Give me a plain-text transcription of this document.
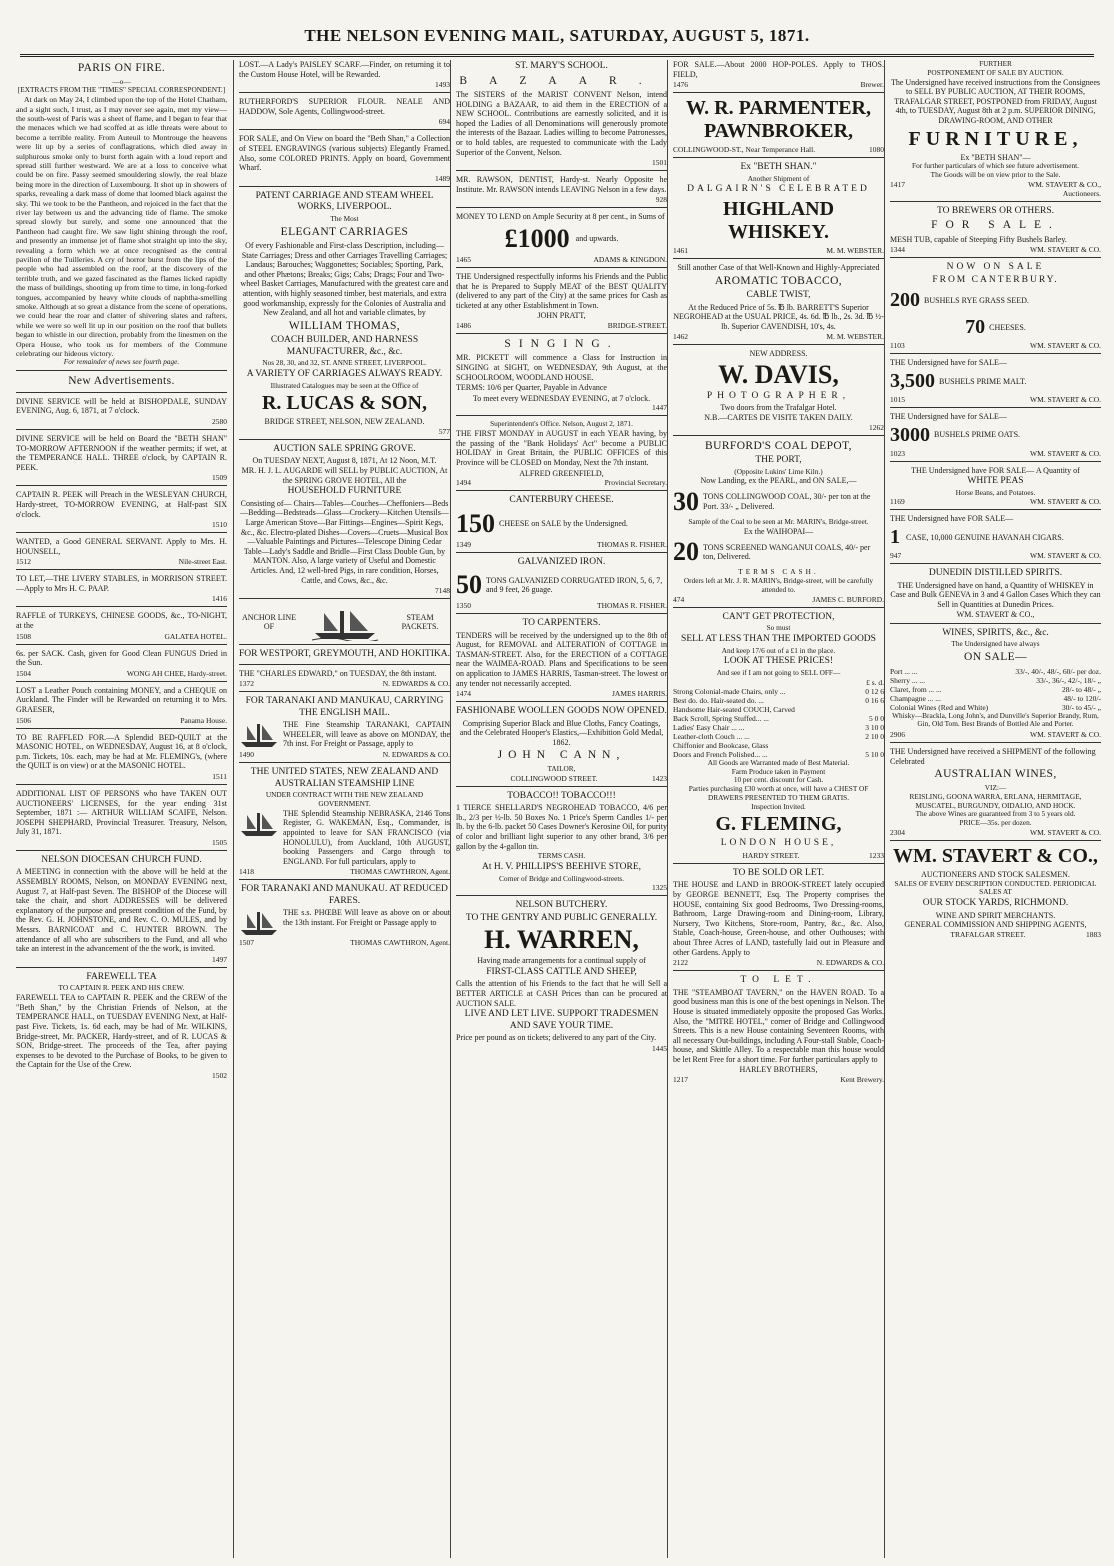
THE NELSON EVENING MAIL, SATURDAY, AUGUST 5, 1871.
PARIS ON FIRE.
—o—
[EXTRACTS FROM THE "TIMES" SPECIAL CORRESPONDENT.]

At dark on May 24, I climbed upon the top of the Hotel Chatham, and a sight such, I trust, as I may never see again, met my view—the south-west of Paris was a sheet of flame, and I began to fear that the menaces which we had scoffed at as idle threats were about to become a terrible reality. From Auteuil to Montrouge the heavens were lit up by a series of conflagrations, which died away in sulphurous smoke only to burst forth again with a loud report and spread still further westward. We are at a loss to conceive what could be on fire. Passy seemed smouldering slowly, the real blaze being more in the direction of Luxembourg. It shot up in showers of sparks, revealing a dark mass of dome that loomed black against the sky. Thi we took to be the Pantheon, and rejoiced in the fact that the river lay between us and the advancing tide of flame. The smoke spread slowly but surely, and some one announced that the Pantheon had caught fire. We saw light shining through the roof, and presently an immense jet of flame shot straight up into the sky, revealing a form which we at once recognised as the central pavilion of the Tuilleries. A cry of horror burst from the lips of the people who had assembled on the roof, at the discovery of the terrible truth, and we gazed fascinated as the flames licked rapidly the mass of buildings, shooting up from time to time, in long-forked tongues, accompanied by heavy white clouds of naphtha-smelling smoke. Although at so great a distance from the scene of operations, we could hear the roar and clatter of shivering slates and rafters, while we were so well lit up in our position on the roof that bullets began to whistle in our direction, probably from the linesmen on the Opera House, who took us for members of the Commune celebrating our hideous victory.

For remainder of news see fourth page.
New Advertisements.

DIVINE SERVICE will be held at BISHOPDALE, SUNDAY EVENING, Aug. 6, 1871, at 7 o'clock.

2580

DIVINE SERVICE will be held on Board the "BETH SHAN" TO-MORROW AFTERNOON if the weather permits; if wet, at the TEMPERANCE HALL. THREE o'clock, by CAPTAIN R. PEEK.

1509

CAPTAIN R. PEEK will Preach in the WESLEYAN CHURCH, Hardy-street, TO-MORROW EVENING, at Half-past SIX o'clock.

1510

WANTED, a Good GENERAL SERVANT. Apply to Mrs. H. HOUNSELL,

1512	Nile-street East.

TO LET,—THE LIVERY STABLES, in MORRISON STREET.—Apply to Mrs H. C. PAAP.

1416

RAFFLE of TURKEYS, CHINESE GOODS, &c., TO-NIGHT, at the

1508	GALATEA HOTEL.

6s. per SACK. Cash, given for Good Clean FUNGUS Dried in the Sun.

1504	WONG AH CHEE, Hardy-street.

LOST a Leather Pouch containing MONEY, and a CHEQUE on Auckland. The Finder will be Rewarded on returning it to Mrs. GRAESER,

1506	Panama House.

TO BE RAFFLED FOR.—A Splendid BED-QUILT at the MASONIC HOTEL, on WEDNESDAY, August 16, at 8 o'clock, p.m. Tickets, 10s. each, may be had at Mr. FLEMING's, (where the QUILT is on view) or at the MASONIC HOTEL.

1511

ADDITIONAL LIST OF PERSONS who have TAKEN OUT AUCTIONEERS' LICENSES, for the year ending 31st September, 1871 :— ARTHUR WILLIAM SCAIFE, Nelson. JOSEPH SHEPHARD, Provincial Treasurer. Treasury, Nelson, July 31, 1871.

1505
NELSON DIOCESAN CHURCH FUND.

A MEETING in connection with the above will be held at the ASSEMBLY ROOMS, Nelson, on MONDAY EVENING next, August 7, at Half-past Seven. The BISHOP of the Diocese will take the chair, and short ADDRESSES will be delivered explanatory of the purpose and present condition of the Fund, by the Rev. G. H. JOHNSTONE, and Rev. C. O. MULES, and by Messrs. BARNICOAT and C. HUNTER BROWN. The attendance of all who are subscribers to the Fund, and all who take an interest in the advancement of the the work, is invited.

1497
FAREWELL TEA
TO CAPTAIN R. PEEK AND HIS CREW.

FAREWELL TEA to CAPTAIN R. PEEK and the CREW of the "Beth Shan," by the Christian Friends of Nelson, at the TEMPERANCE HALL, on TUESDAY EVENING Next, at Half-past Five. Tickets, 1s. 6d each, may be had of Mr. WILKINS, Bridge-street, Mr. PACKER, Hardy-street, and of R. LUCAS & SON, Bridge-street. The proceeds of the Tea, after paying expenses to be devoted to the Purchase of Books, to be given to the Captain for the Use of the Crew.

1502

LOST.—A Lady's PAISLEY SCARF.—Finder, on returning it to the Custom House Hotel, will be Rewarded.

1493

RUTHERFORD'S SUPERIOR FLOUR. NEALE AND HADDOW, Sole Agents, Collingwood-street.

694

FOR SALE, and On View on board the "Beth Shan," a Collection of STEEL ENGRAVINGS (various subjects) Elegantly Framed. Also, some COLORED PRINTS. Apply on board, Government Wharf.

1489
PATENT CARRIAGE AND STEAM WHEEL WORKS, LIVERPOOL.
The Most
ELEGANT CARRIAGES

Of every Fashionable and First-class Description, including— State Carriages; Dress and other Carriages Travelling Carriages; Landaus; Barouches; Waggonettes; Sociables; Sporting, Park, and other Phætons; Breaks; Gigs; Cabs; Drags; Four and Two-wheel Basket Carriages, Manufactured with the greatest care and attention, with highly seasoned timber, best materials, and extra good workmanship, expressly for the Colonies of Australia and New Zealand, and all hot and variable climates, by

WILLIAM THOMAS,
COACH BUILDER, AND HARNESS MANUFACTURER, &c., &c.
Nos 28, 30, and 32, ST. ANNE STREET, LIVERPOOL.
A VARIETY OF CARRIAGES ALWAYS READY.
Illustrated Catalogues may be seen at the Office of
R. LUCAS & SON,
BRIDGE STREET, NELSON, NEW ZEALAND.
577
AUCTION SALE SPRING GROVE.
On TUESDAY NEXT, August 8, 1871, At 12 Noon, M.T.

MR. H. J. L. AUGARDE will SELL by PUBLIC AUCTION, At the SPRING GROVE HOTEL, All the

HOUSEHOLD FURNITURE

Consisting of— Chairs—Tables—Couches—Cheffoniers—Beds—Bedding—Bedsteads—Glass—Crockery—Kitchen Utensils—Large American Stove—Bar Fittings—Engines—Spirit Kegs, &c., &c. Electro-plated Dishes—Covers—Cruets—Musical Box—Valuable Paintings and Pictures—Telescope Dining Cedar Table—Lady's Saddle and Bridle—First Class Double Gun, by MANTON. Also, A large variety of Useful and Domestic Articles. And, 12 well-bred Pigs, in rare condition, Horses, Cattle, and Cows, &c., &c.

7148
ANCHOR LINE OF
STEAM PACKETS.
FOR WESTPORT, GREYMOUTH, AND HOKITIKA.

THE "CHARLES EDWARD," on TUESDAY, the 8th instant.

1372	N. EDWARDS & CO.
FOR TARANAKI AND MANUKAU, CARRYING THE ENGLISH MAIL.

THE Fine Steamship TARANAKI, CAPTAIN WHEELER, will leave as above on MONDAY, the 7th inst. For Freight or Passage, apply to

1490	N. EDWARDS & CO.
THE UNITED STATES, NEW ZEALAND AND AUSTRALIAN STEAMSHIP LINE
UNDER CONTRACT WITH THE NEW ZEALAND GOVERNMENT.

THE Splendid Steamship NEBRASKA, 2146 Tons Register, G. WAKEMAN, Esq., Commander, is appointed to leave for SAN FRANCISCO (via HONOLULU), from Auckland, 10th AUGUST, booking Passengers and Cargo through to ENGLAND. For full particulars, apply to

1418	THOMAS CAWTHRON, Agent.
FOR TARANAKI AND MANUKAU. AT REDUCED FARES.

THE s.s. PHŒBE Will leave as above on or about the 13th instant. For Freight or Passage apply to

1507	THOMAS CAWTHRON, Agent.
ST. MARY'S SCHOOL.
BAZAAR.

The SISTERS of the MARIST CONVENT Nelson, intend HOLDING a BAZAAR, to aid them in the ERECTION of a NEW SCHOOL. Contributions are earnestly solicited, and it is hoped the Ladies of all Denominations will generously promote the interests of the Bazaar. Ladies willing to become Patronesses, or to hold tables, are requested to communicate with the Lady Superior of the Convent, Nelson.

1501

MR. RAWSON, DENTIST, Hardy-st. Nearly Opposite he Institute. Mr. RAWSON intends LEAVING Nelson in a few days.

928

MONEY TO LEND on Ample Security at 8 per cent., in Sums of

£1000 and upwards.
1465	ADAMS & KINGDON.

THE Undersigned respectfully informs his Friends and the Public that he is Prepared to Supply MEAT of the BEST QUALITY (delivered to any part of the City) at the same prices for Cash as ticketed at any other Establishment in Town.

JOHN PRATT,
1486	BRIDGE-STREET.
SINGING.

MR. PICKETT will commence a Class for Instruction in SINGING at SIGHT, on WEDNESDAY, 9th August, at the SCHOOLROOM, WOODLAND HOUSE.

TERMS: 10/6 per Quarter, Payable in Advance

To meet every WEDNESDAY EVENING, at 7 o'clock.
1447
Superintendent's Office. Nelson, August 2, 1871.

THE FIRST MONDAY in AUGUST in each YEAR having, by the passing of the "Bank Holidays' Act" become a PUBLIC HOLIDAY in Great Britain, the PUBLIC OFFICES of this Province will be CLOSED on Monday, Next the 7th instant.

ALFRED GREENFIELD,
1494	Provincial Secretary.
CANTERBURY CHEESE.
150 CHEESE on SALE by the Undersigned.
1349	THOMAS R. FISHER.
GALVANIZED IRON.
50 TONS GALVANIZED CORRUGATED IRON, 5, 6, 7, and 9 feet, 26 guage.
1350	THOMAS R. FISHER.
TO CARPENTERS.

TENDERS will be received by the undersigned up to the 8th of August, for REMOVAL and ALTERATION of COTTAGE in TASMAN-STREET. Also, for the ERECTION of a COTTAGE near the WAIMEA-ROAD. Plans and Specifications to be seen on application to JAMES HARRIS, Tasman-street. The lowest or any tender not necessarily accepted.

1474	JAMES HARRIS.
FASHIONABE WOOLLEN GOODS NOW OPENED.

Comprising Superior Black and Blue Cloths, Fancy Coatings, and the Celebrated Hooper's Elastics,—Exhibition Gold Medal, 1862.

JOHN CANN,
TAILOR,
COLLINGWOOD STREET.	1423
TOBACCO!! TOBACCO!!!

1 TIERCE SHELLARD'S NEGROHEAD TOBACCO, 4/6 per lb., 2/3 per ½-lb. 50 Boxes No. 1 Price's Sperm Candles 1/- per lb. by the 6-lb. packet 50 Cases Downer's Kerosine Oil, for purity of color and brilliant light superior to any other brand, 3/6 per gallon by the 4-gallon tin.

TERMS CASH.
At H. V. PHILLIPS'S BEEHIVE STORE,
Corner of Bridge and Collingwood-streets.
1325
NELSON BUTCHERY.
TO THE GENTRY AND PUBLIC GENERALLY.
H. WARREN,
Having made arrangements for a continual supply of
FIRST-CLASS CATTLE AND SHEEP,

Calls the attention of his Friends to the fact that he will Sell a BETTER ARTICLE at CASH Prices than can be procured at AUCTION SALE.

LIVE AND LET LIVE. SUPPORT TRADESMEN AND SAVE YOUR TIME.

Price per pound as on tickets; delivered to any part of the City.

1445

FOR SALE.—About 2000 HOP-POLES. Apply to THOS. FIELD,

1476	Brewer.
W. R. PARMENTER, PAWNBROKER,
COLLINGWOOD-ST., Near Temperance Hall.	1080
Ex "BETH SHAN."
Another Shipment of
DALGAIRN'S CELEBRATED
HIGHLAND WHISKEY.
1461	M. M. WEBSTER.
Still another Case of that Well-Known and Highly-Appreciated
AROMATIC TOBACCO,
CABLE TWIST,

At the Reduced Price of 5s. ℔ lb. BARRETT'S Superior NEGROHEAD at the USUAL PRICE, 4s. 6d. ℔ lb., 2s. 3d. ℔ ½-lb. Superior CAVENDISH, 10's, 4s.

1462	M. M. WEBSTER.
NEW ADDRESS.
W. DAVIS,
PHOTOGRAPHER,
Two doors from the Trafalgar Hotel.
N.B.—CARTES DE VISITE TAKEN DAILY.
1262
BURFORD'S COAL DEPOT,
THE PORT,
(Opposite Lukins' Lime Kiln.)
Now Landing, ex the PEARL, and ON SALE,—
30 TONS COLLINGWOOD COAL, 30/- per ton at the Port. 33/- „ Delivered.
Sample of the Coal to be seen at Mr. MARIN's, Bridge-street.
Ex the WAIHOPAI—
20 TONS SCREENED WANGANUI COALS, 40/- per ton, Delivered.
TERMS CASH.
Orders left at Mr. J. R. MARIN's, Bridge-street, will be carefully attended to.
474	JAMES C. BURFORD.
CAN'T GET PROTECTION,
So must
SELL AT LESS THAN THE IMPORTED GOODS
And keep 17/6 out of a £1 in the place.
LOOK AT THESE PRICES!
And see if I am not going to SELL OFF—
£ s. d.
Strong Colonial-made Chairs, only ...	0 12 6
Best do. do. Hair-seated do. ...	0 16 6
Handsome Hair-seated COUCH, Carved
Back Scroll, Spring Stuffed... ...	5 0 0
Ladies' Easy Chair ... ...	3 10 0
Leather-cloth Couch ... ...	2 10 0
Chiffonier and Bookcase, Glass
Doors and French Polished... ...	5 10 0
All Goods are Warranted made of Best Material.
Farm Produce taken in Payment
10 per cent. discount for Cash.
Parties purchasing £30 worth at once, will have a CHEST OF DRAWERS PRESENTED TO THEM GRATIS.
Inspection Invited.
G. FLEMING,
LONDON HOUSE,
HARDY STREET.	1233
TO BE SOLD OR LET.

THE HOUSE and LAND in BROOK-STREET lately occupied by GEORGE BENNETT, Esq. The Property comprises the HOUSE, containing Six good Bedrooms, Two Dressing-rooms, Bathroom, Large Drawing-room and Dining-room, Library, Nursery, Two Kitchens, Store-room, Pantry, &c., &c. Also, Stable, Coach-house, Green-house, and other Outhouses; with about Three Acres of LAND, tastefully laid out in Pleasure and other Gardens. Apply to

2122	N. EDWARDS & CO.
TO LET.

THE "STEAMBOAT TAVERN," on the HAVEN ROAD. To a good business man this is one of the best openings in Nelson. The House is situated immediately opposite the proposed Gas Works. Also, the "MITRE HOTEL," corner of Bridge and Collingwood Streets. This is a new House containing Seventeen Rooms, with all necessary Out-buildings, including A Four-stall Stable, Coach-house, and Skittle Alley. To a respectable man this house would be let Rent Free for a short time. For further particulars apply to

HARLEY BROTHERS,
1217	Kent Brewery.
FURTHER
POSTPONEMENT OF SALE BY AUCTION.

The Undersigned have received instructions from the Consignees to SELL BY PUBLIC AUCTION, AT THEIR ROOMS, TRAFALGAR STREET, POSTPONED from FRIDAY, August 4th, to TUESDAY, August 8th at 2 p.m. SUPERIOR DINING, DRAWING-ROOM, AND OTHER

FURNITURE,
Ex "BETH SHAN"—
For further particulars of which see future advertisement.
The Goods will be on view prior to the Sale.
1417	WM. STAVERT & CO.,
Auctioneers.
TO BREWERS OR OTHERS.
FOR SALE.

MESH TUB, capable of Steeping Fifty Bushels Barley.

1344	WM. STAVERT & CO.
NOW ON SALE
FROM CANTERBURY.
200 BUSHELS RYE GRASS SEED.
70 CHEESES.
1103	WM. STAVERT & CO.
THE Undersigned have for SALE—
3,500 BUSHELS PRIME MALT.
1015	WM. STAVERT & CO.
THE Undersigned have for SALE—
3000 BUSHELS PRIME OATS.
1023	WM. STAVERT & CO.
THE Undersigned have FOR SALE— A Quantity of
WHITE PEAS
Horse Beans, and Potatoes.
1169	WM. STAVERT & CO.
THE Undersigned have FOR SALE—
1 CASE, 10,000 GENUINE HAVANAH CIGARS.
947	WM. STAVERT & CO.
DUNEDIN DISTILLED SPIRITS.

THE Undersigned have on hand, a Quantity of WHISKEY in Case and Bulk GENEVA in 3 and 4 Gallon Cases Which they can Sell in Quantities at Dunedin Prices.

WM. STAVERT & CO.,
WINES, SPIRITS, &c., &c.
The Undersigned have always
ON SALE—
Port ... ...	33/-, 40/-, 48/-, 60/- per doz.
Sherry ... ...	33/-, 36/-, 42/-, 18/- „
Claret, from ... ...	28/- to 48/- „
Champagne ... ...	48/- to 120/-
Colonial Wines (Red and White)	30/- to 45/- „

Whisky—Brackla, Long John's, and Dunville's Superior Brandy, Rum, Gin, Old Tom. Best Brands of Bottled Ale and Porter.

2906	WM. STAVERT & CO.
THE Undersigned have received a SHIPMENT of the following Celebrated
AUSTRALIAN WINES,
VIZ:—
REISLING, GOONA WARRA, ERLANA, HERMITAGE, MUSCATEL, BURGUNDY, OIDALIO, AND HOCK.
The above Wines are guaranteed from 3 to 5 years old.
PRICE—35s. per dozen.
2304	WM. STAVERT & CO.
WM. STAVERT & CO.,
AUCTIONEERS AND STOCK SALESMEN.
SALES OF EVERY DESCRIPTION CONDUCTED. PERIODICAL SALES AT
OUR STOCK YARDS, RICHMOND.
WINE AND SPIRIT MERCHANTS.
GENERAL COMMISSION AND SHIPPING AGENTS,
TRAFALGAR STREET.	1883
